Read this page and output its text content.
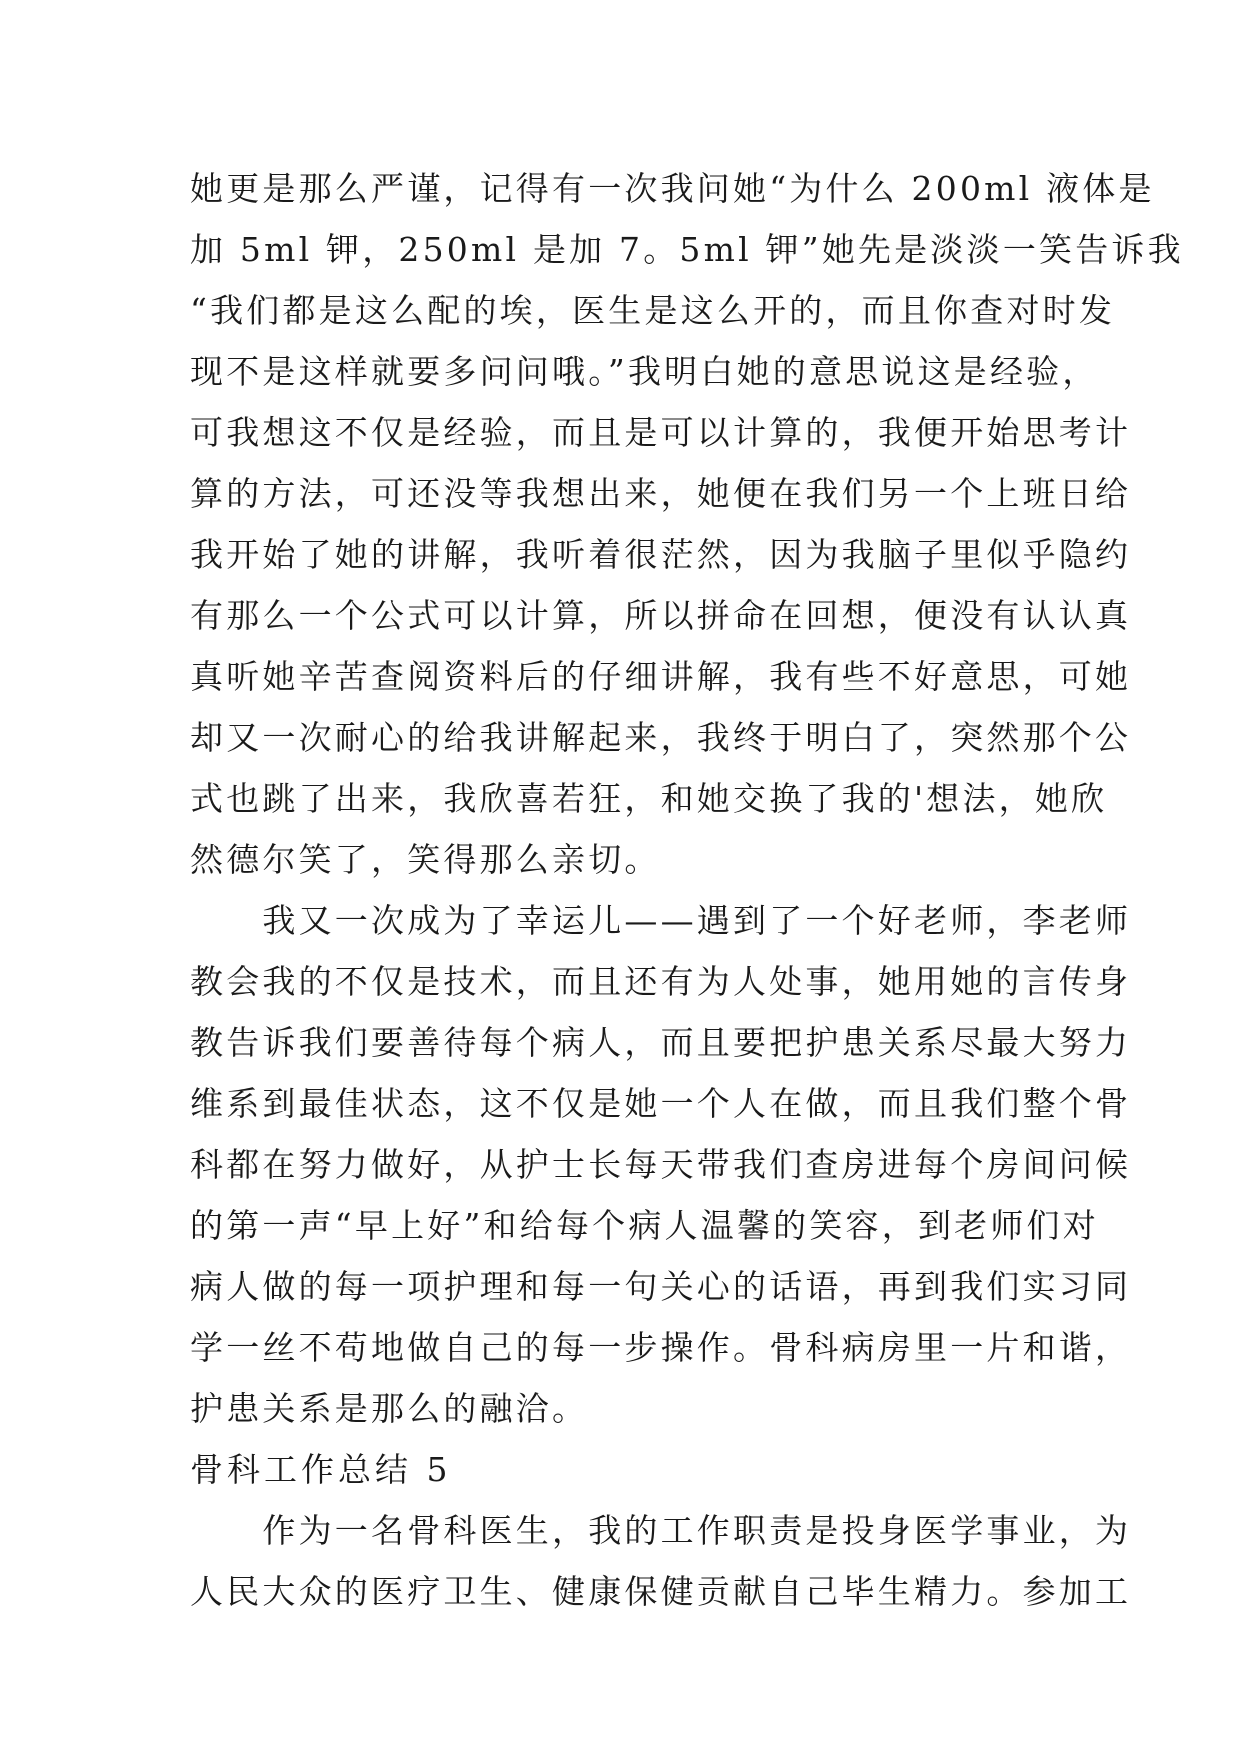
她更是那么严谨，记得有一次我问她“为什么 200ml 液体是
加 5ml 钾，250ml 是加 7。5ml 钾”她先是淡淡一笑告诉我
“我们都是这么配的埃，医生是这么开的，而且你查对时发
现不是这样就要多问问哦。”我明白她的意思说这是经验，
可我想这不仅是经验，而且是可以计算的，我便开始思考计
算的方法，可还没等我想出来，她便在我们另一个上班日给
我开始了她的讲解，我听着很茫然，因为我脑子里似乎隐约
有那么一个公式可以计算，所以拼命在回想，便没有认认真
真听她辛苦查阅资料后的仔细讲解，我有些不好意思，可她
却又一次耐心的给我讲解起来，我终于明白了，突然那个公
式也跳了出来，我欣喜若狂，和她交换了我的'想法，她欣
然德尔笑了，笑得那么亲切。
　　我又一次成为了幸运儿——遇到了一个好老师，李老师
教会我的不仅是技术，而且还有为人处事，她用她的言传身
教告诉我们要善待每个病人，而且要把护患关系尽最大努力
维系到最佳状态，这不仅是她一个人在做，而且我们整个骨
科都在努力做好，从护士长每天带我们查房进每个房间问候
的第一声“早上好”和给每个病人温馨的笑容，到老师们对
病人做的每一项护理和每一句关心的话语，再到我们实习同
学一丝不苟地做自己的每一步操作。骨科病房里一片和谐，
护患关系是那么的融洽。
骨科工作总结 5
　　作为一名骨科医生，我的工作职责是投身医学事业，为
人民大众的医疗卫生、健康保健贡献自己毕生精力。参加工
